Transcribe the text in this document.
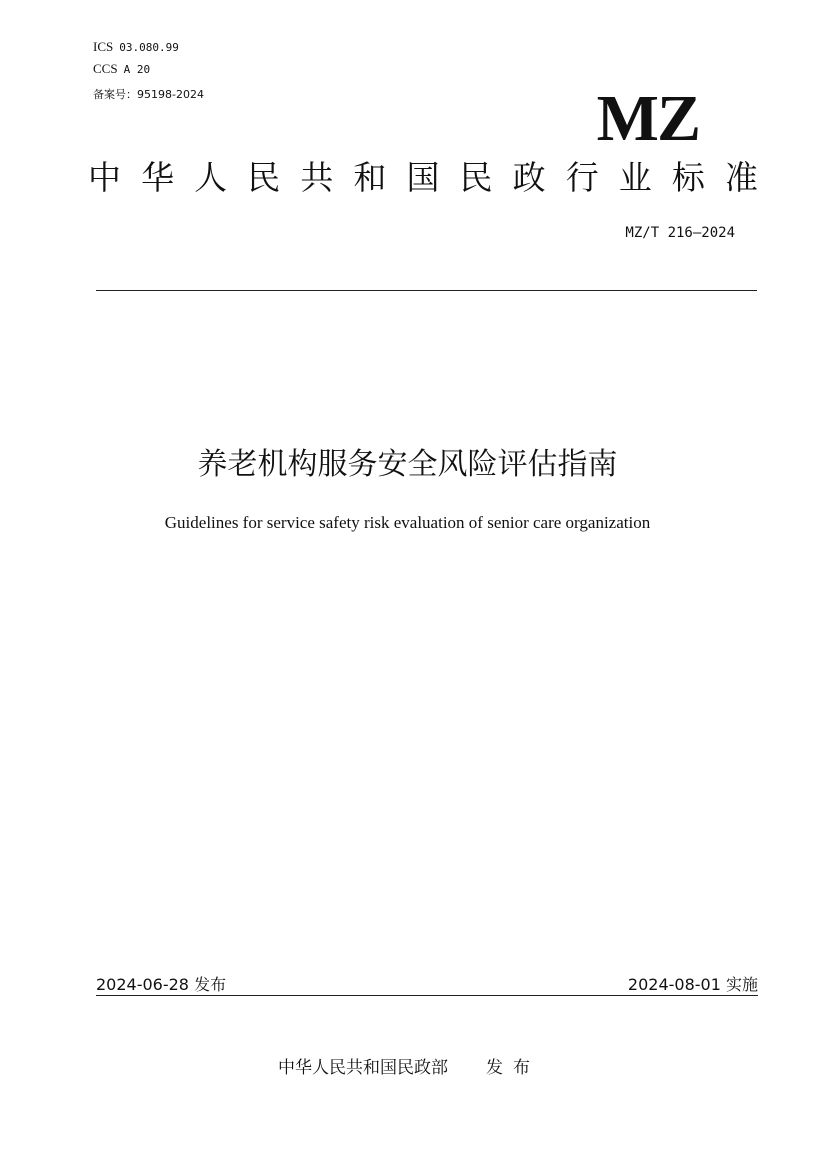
ICS 03.080.99
CCS A 20
备案号：95198-2024	MZ
中 华 人 民 共 和 国 民 政 行 业 标 准
MZ/T 216—2024
养老机构服务安全风险评估指南
Guidelines for service safety risk evaluation of senior care organization
2024-06-28 发布	2024-08-01 实施
中华人民共和国民政部 发布
